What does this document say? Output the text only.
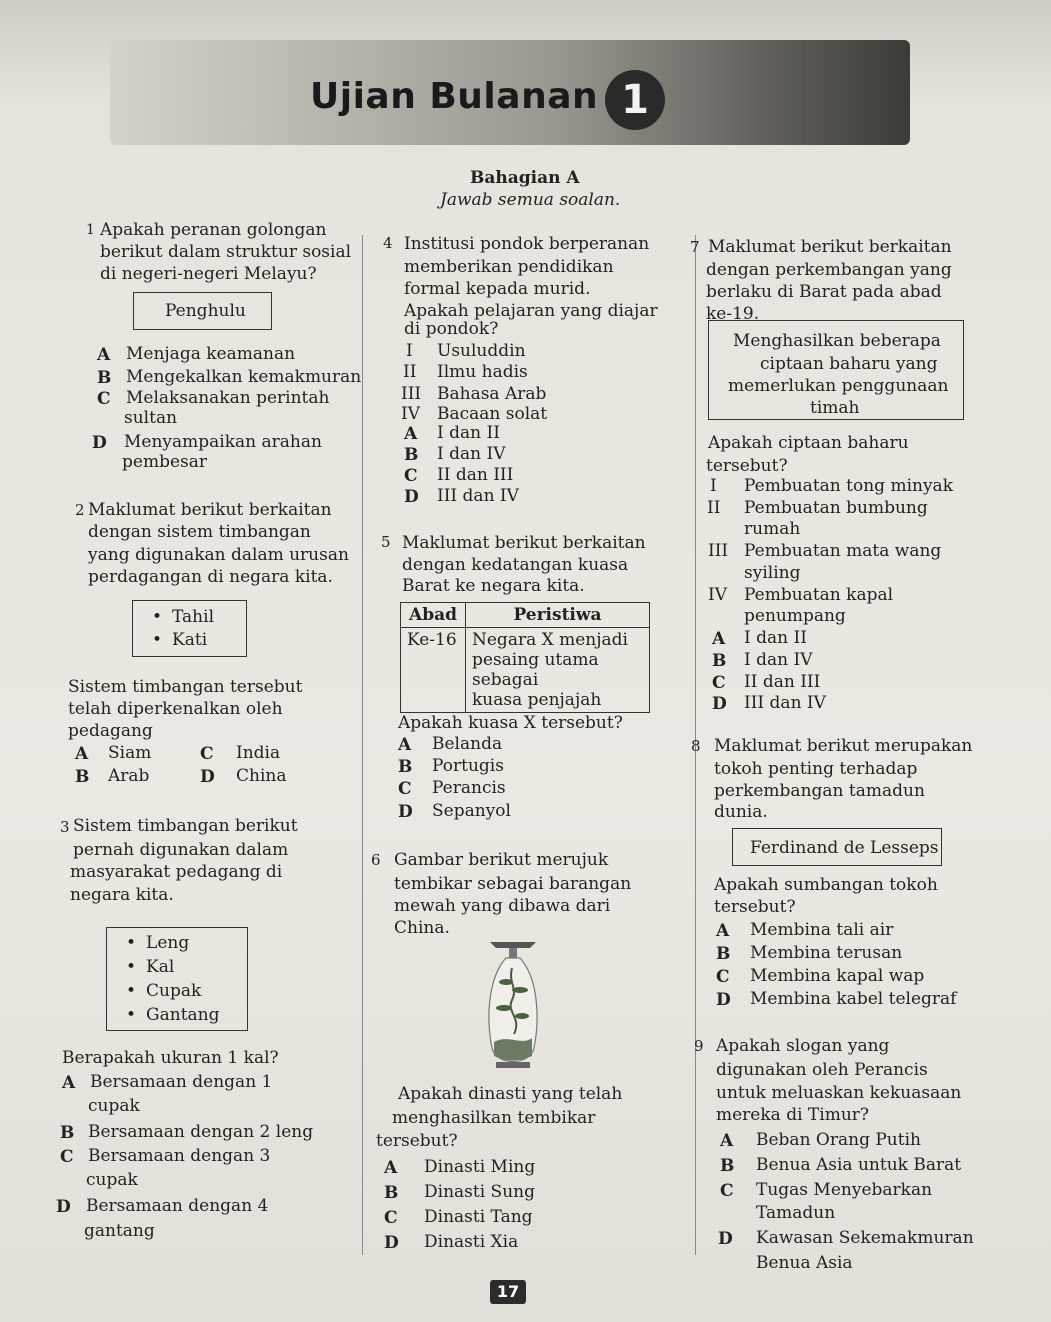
Ujian Bulanan 1
Bahagian A
Jawab semua soalan.
1 Apakah peranan golongan
berikut dalam struktur sosial
di negeri-negeri Melayu?
Penghulu
A Menjaga keamanan
B Mengekalkan kemakmuran
C Melaksanakan perintah
sultan
D Menyampaikan arahan
pembesar
2 Maklumat berikut berkaitan
dengan sistem timbangan
yang digunakan dalam urusan
perdagangan di negara kita.
• Tahil
• Kati
Sistem timbangan tersebut
telah diperkenalkan oleh
pedagang
A Siam	C India
B Arab	D China
3 Sistem timbangan berikut
pernah digunakan dalam
masyarakat pedagang di
negara kita.
• Leng
• Kal
• Cupak
• Gantang
Berapakah ukuran 1 kal?
A Bersamaan dengan 1
cupak
B Bersamaan dengan 2 leng
C Bersamaan dengan 3
cupak
D Bersamaan dengan 4
gantang
4 Institusi pondok berperanan
memberikan pendidikan
formal kepada murid.
Apakah pelajaran yang diajar
di pondok?
I Usuluddin
II Ilmu hadis
III Bahasa Arab
IV Bacaan solat
A I dan II
B I dan IV
C II dan III
D III dan IV
5 Maklumat berikut berkaitan
dengan kedatangan kuasa
Barat ke negara kita.
Abad	Peristiwa
Ke-16	Negara X menjadi
pesaing utama sebagai
kuasa penjajah
Apakah kuasa X tersebut?
A Belanda
B Portugis
C Perancis
D Sepanyol
6 Gambar berikut merujuk
tembikar sebagai barangan
mewah yang dibawa dari
China.
Apakah dinasti yang telah
menghasilkan tembikar
tersebut?
A Dinasti Ming
B Dinasti Sung
C Dinasti Tang
D Dinasti Xia
7 Maklumat berikut berkaitan
dengan perkembangan yang
berlaku di Barat pada abad
ke-19.
Menghasilkan beberapa
ciptaan baharu yang
memerlukan penggunaan
timah
Apakah ciptaan baharu
tersebut?
I Pembuatan tong minyak
II Pembuatan bumbung
rumah
III Pembuatan mata wang
syiling
IV Pembuatan kapal
penumpang
A I dan II
B I dan IV
C II dan III
D III dan IV
8 Maklumat berikut merupakan
tokoh penting terhadap
perkembangan tamadun
dunia.
Ferdinand de Lesseps
Apakah sumbangan tokoh
tersebut?
A Membina tali air
B Membina terusan
C Membina kapal wap
D Membina kabel telegraf
9 Apakah slogan yang
digunakan oleh Perancis
untuk meluaskan kekuasaan
mereka di Timur?
A Beban Orang Putih
B Benua Asia untuk Barat
C Tugas Menyebarkan
Tamadun
D Kawasan Sekemakmuran
Benua Asia
17
